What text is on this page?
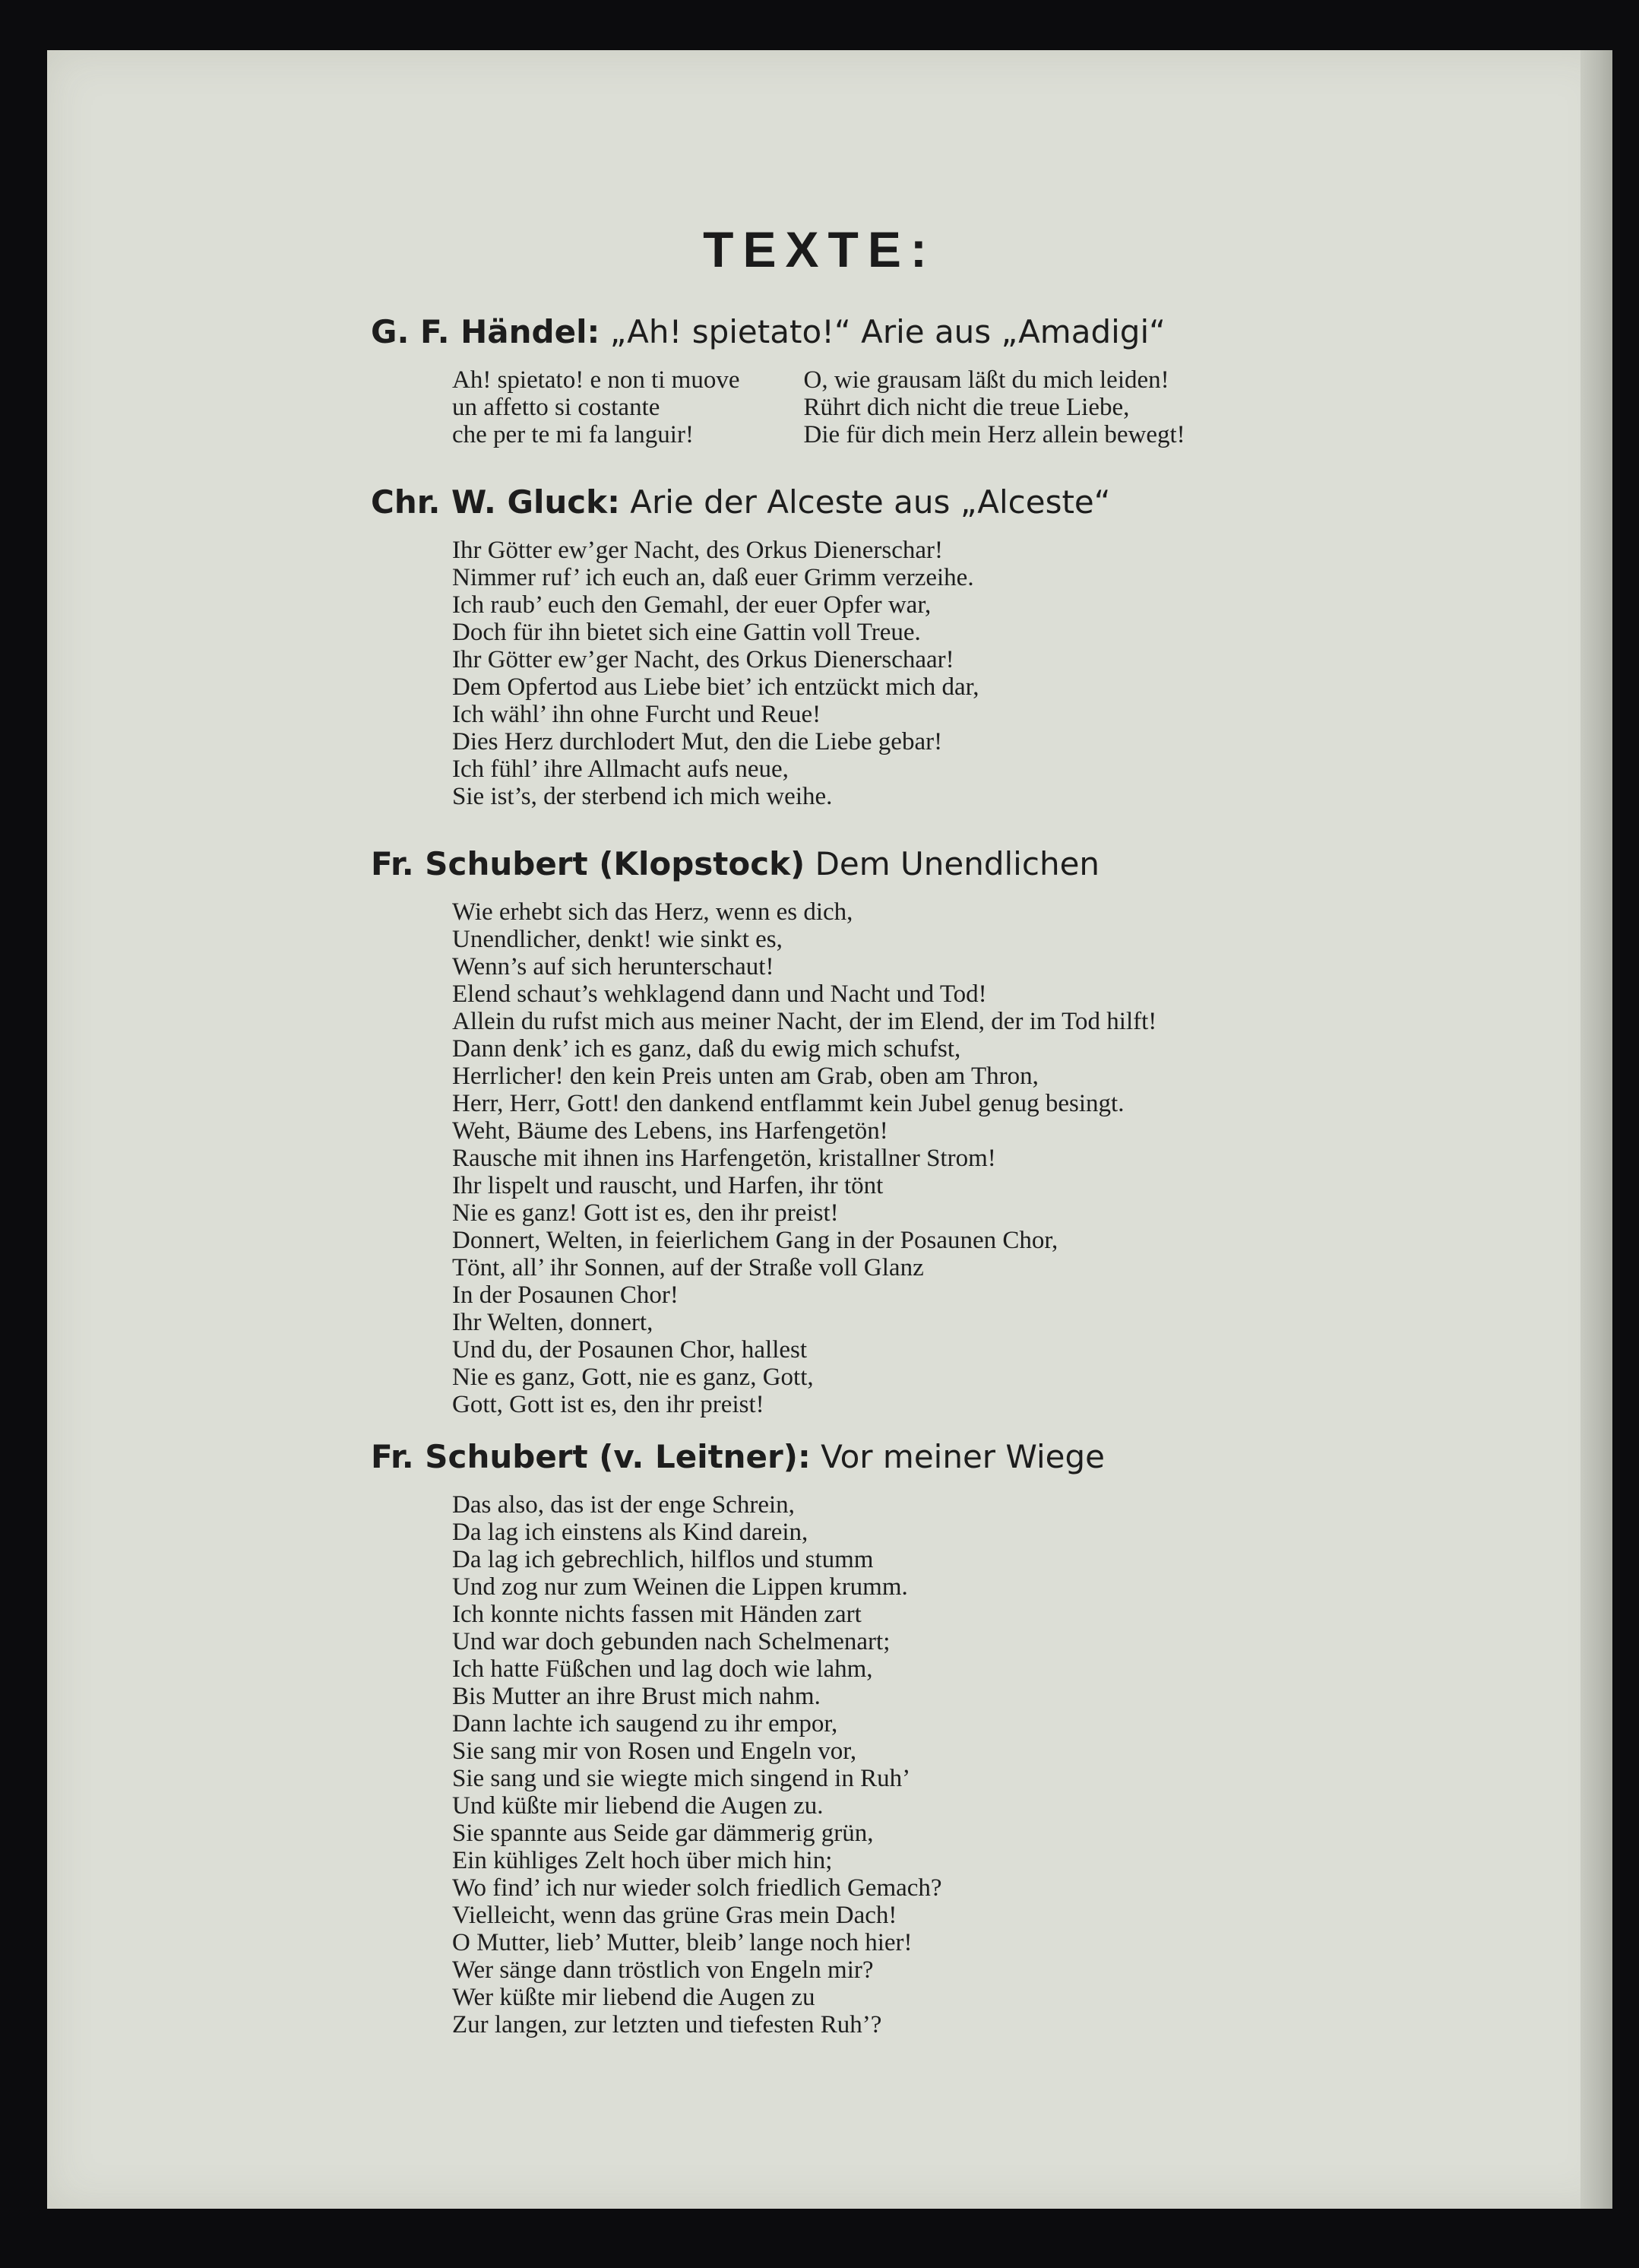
TEXTE:
G. F. Händel: „Ah! spietato!“ Arie aus „Amadigi“
Ah! spietato! e non ti muove
un affetto si costante
che per te mi fa languir!
O, wie grausam läßt du mich leiden!
Rührt dich nicht die treue Liebe,
Die für dich mein Herz allein bewegt!
Chr. W. Gluck: Arie der Alceste aus „Alceste“
Ihr Götter ew’ger Nacht, des Orkus Dienerschar!
Nimmer ruf’ ich euch an, daß euer Grimm verzeihe.
Ich raub’ euch den Gemahl, der euer Opfer war,
Doch für ihn bietet sich eine Gattin voll Treue.
Ihr Götter ew’ger Nacht, des Orkus Dienerschaar!
Dem Opfertod aus Liebe biet’ ich entzückt mich dar,
Ich wähl’ ihn ohne Furcht und Reue!
Dies Herz durchlodert Mut, den die Liebe gebar!
Ich fühl’ ihre Allmacht aufs neue,
Sie ist’s, der sterbend ich mich weihe.
Fr. Schubert (Klopstock) Dem Unendlichen
Wie erhebt sich das Herz, wenn es dich,
Unendlicher, denkt! wie sinkt es,
Wenn’s auf sich herunterschaut!
Elend schaut’s wehklagend dann und Nacht und Tod!
Allein du rufst mich aus meiner Nacht, der im Elend, der im Tod hilft!
Dann denk’ ich es ganz, daß du ewig mich schufst,
Herrlicher! den kein Preis unten am Grab, oben am Thron,
Herr, Herr, Gott! den dankend entflammt kein Jubel genug besingt.
Weht, Bäume des Lebens, ins Harfengetön!
Rausche mit ihnen ins Harfengetön, kristallner Strom!
Ihr lispelt und rauscht, und Harfen, ihr tönt
Nie es ganz! Gott ist es, den ihr preist!
Donnert, Welten, in feierlichem Gang in der Posaunen Chor,
Tönt, all’ ihr Sonnen, auf der Straße voll Glanz
In der Posaunen Chor!
Ihr Welten, donnert,
Und du, der Posaunen Chor, hallest
Nie es ganz, Gott, nie es ganz, Gott,
Gott, Gott ist es, den ihr preist!
Fr. Schubert (v. Leitner): Vor meiner Wiege
Das also, das ist der enge Schrein,
Da lag ich einstens als Kind darein,
Da lag ich gebrechlich, hilflos und stumm
Und zog nur zum Weinen die Lippen krumm.
Ich konnte nichts fassen mit Händen zart
Und war doch gebunden nach Schelmenart;
Ich hatte Füßchen und lag doch wie lahm,
Bis Mutter an ihre Brust mich nahm.
Dann lachte ich saugend zu ihr empor,
Sie sang mir von Rosen und Engeln vor,
Sie sang und sie wiegte mich singend in Ruh’
Und küßte mir liebend die Augen zu.
Sie spannte aus Seide gar dämmerig grün,
Ein kühliges Zelt hoch über mich hin;
Wo find’ ich nur wieder solch friedlich Gemach?
Vielleicht, wenn das grüne Gras mein Dach!
O Mutter, lieb’ Mutter, bleib’ lange noch hier!
Wer sänge dann tröstlich von Engeln mir?
Wer küßte mir liebend die Augen zu
Zur langen, zur letzten und tiefesten Ruh’?
